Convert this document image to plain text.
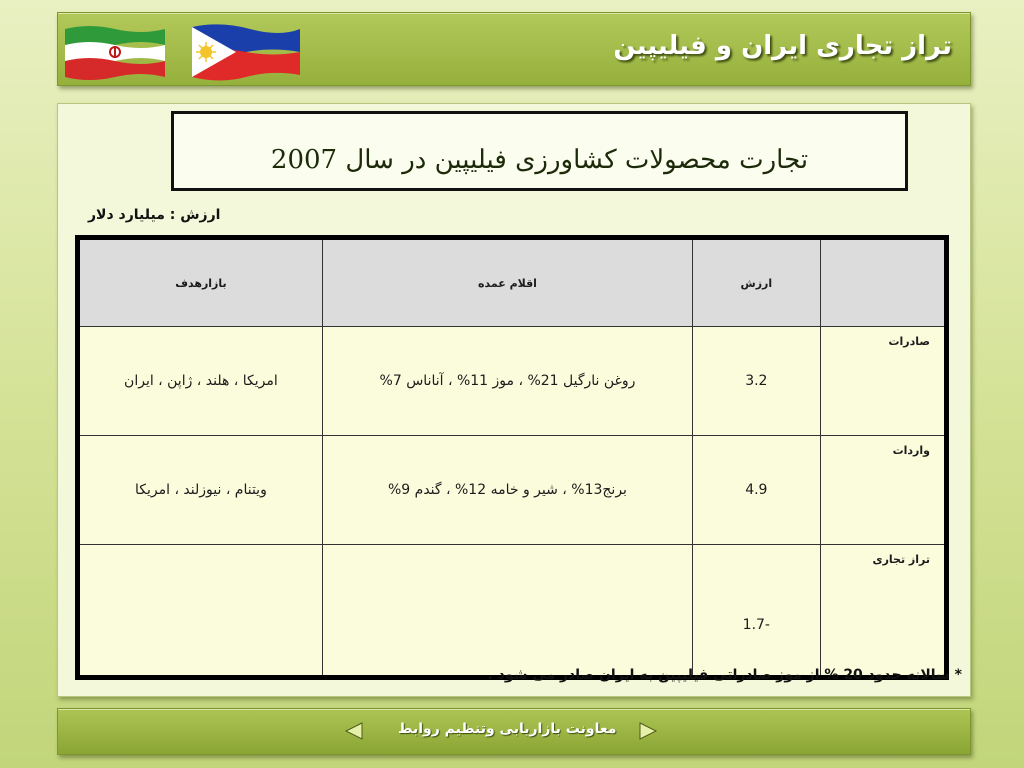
تراز تجاری ایران و فیلیپین
تجارت محصولات کشاورزی فیلیپین در سال 2007
ارزش : میلیارد دلار
بازارهدف	اقلام عمده	ارزش	
امریکا ، هلند ، ژاپن ، ایران	روغن نارگیل 21% ، موز 11% ، آناناس 7%	3.2	صادرات
ویتنام ، نیوزلند ، امریکا	برنج13% ، شیر و خامه 12% ، گندم 9%	4.9	واردات
		-1.7	تراز تجاری
* سالانه حدود 20 % از موز صادراتی فیلیپین به ایران صادر می شود .
معاونت بازاریابی وتنظیم روابط
